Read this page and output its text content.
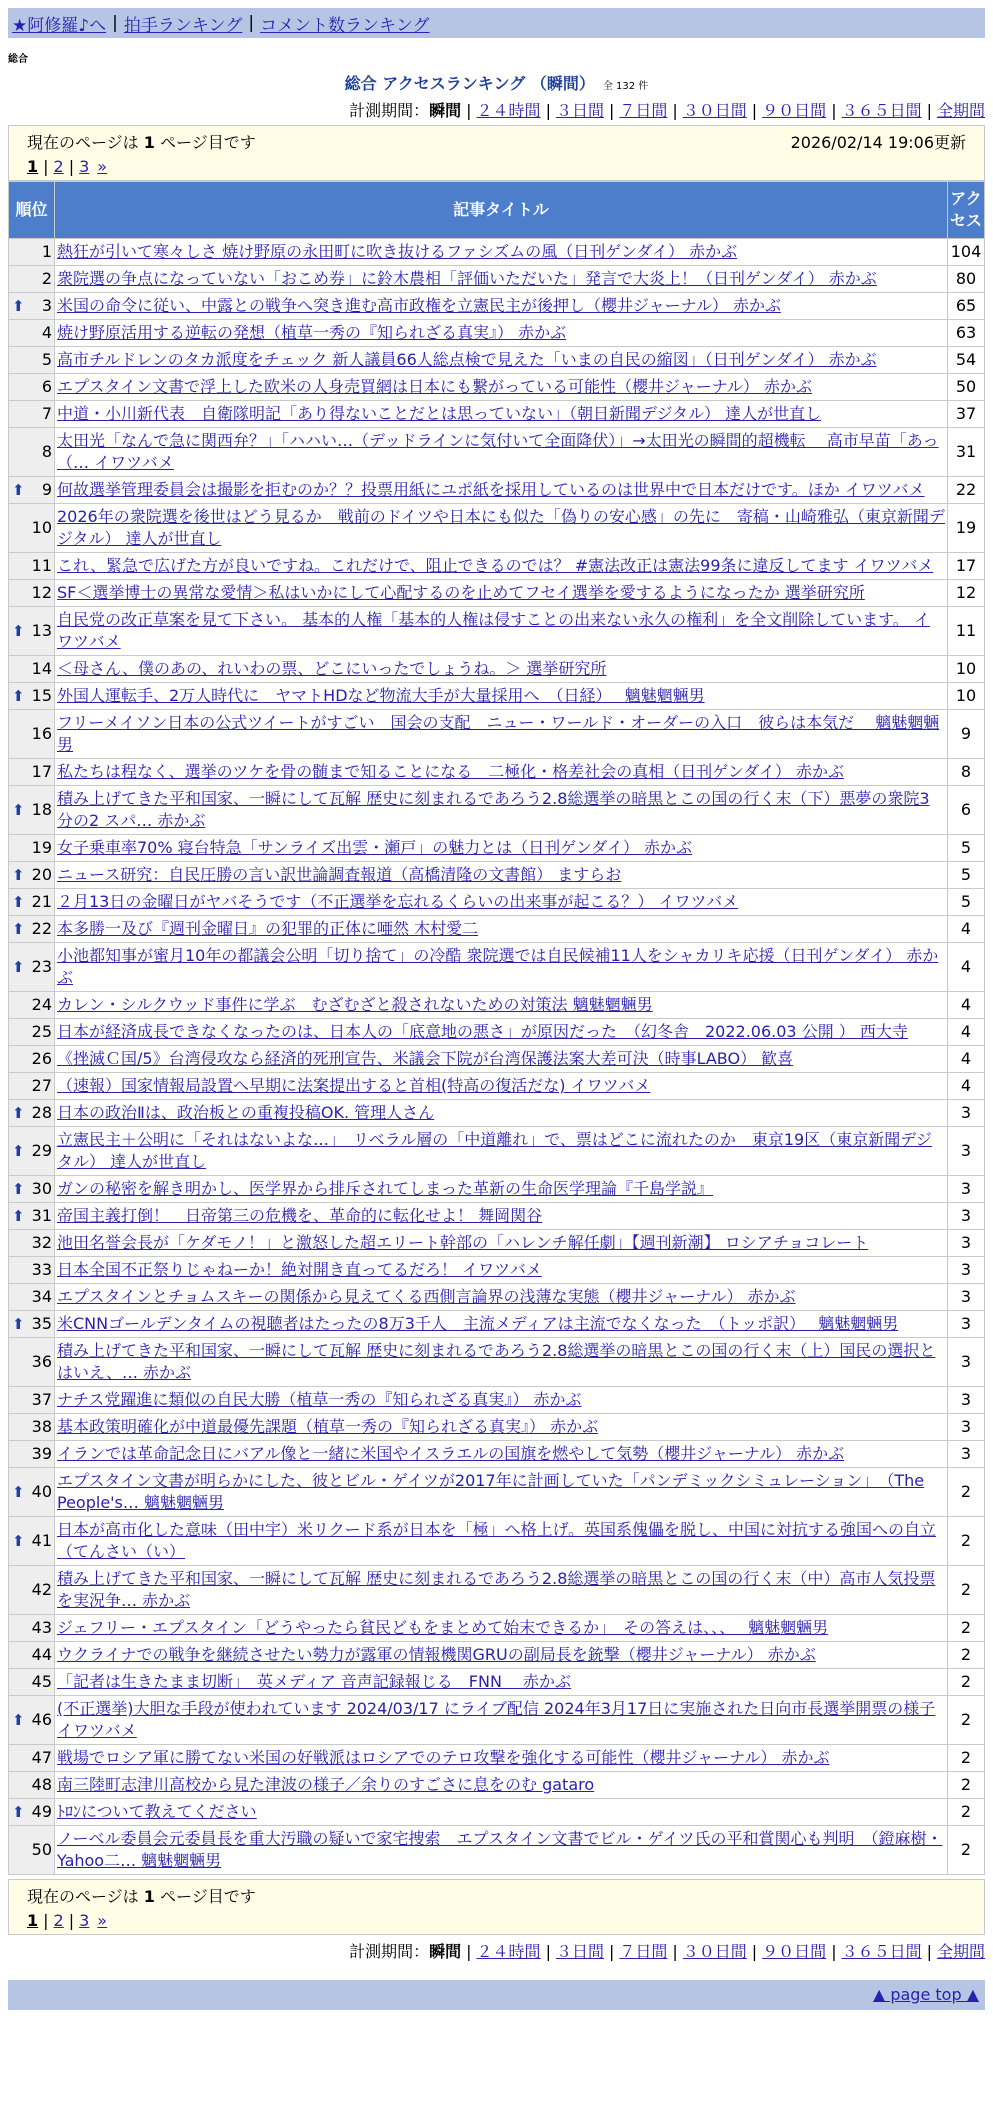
★阿修羅♪へ | 拍手ランキング | コメント数ランキング
総合
総合 アクセスランキング （瞬間） 全 132 件
計測期間：瞬間 | ２４時間 | ３日間 | ７日間 | ３０日間 | ９０日間 | ３６５日間 | 全期間
現在のページは 1 ページ目です	2026/02/14 19:06更新
1 | 2 | 3 »
順位	記事タイトル	アクセス
1	熱狂が引いて寒々しさ 焼け野原の永田町に吹き抜けるファシズムの風（日刊ゲンダイ） 赤かぶ	104
2	衆院選の争点になっていない「おこめ券」に鈴木農相「評価いただいた」発言で大炎上！（日刊ゲンダイ） 赤かぶ	80

⬆ 3	米国の命令に従い、中露との戦争へ突き進む高市政権を立憲民主が後押し（櫻井ジャーナル） 赤かぶ	65
4	焼け野原活用する逆転の発想（植草一秀の『知られざる真実』） 赤かぶ	63
5	高市チルドレンのタカ派度をチェック 新人議員66人総点検で見えた「いまの自民の縮図」（日刊ゲンダイ） 赤かぶ	54
6	エプスタイン文書で浮上した欧米の人身売買網は日本にも繋がっている可能性（櫻井ジャーナル） 赤かぶ	50
7	中道・小川新代表　自衛隊明記「あり得ないことだとは思っていない」（朝日新聞デジタル） 達人が世直し	37
8	太田光「なんで急に関西弁？」「ハハい…（デッドラインに気付いて全面降伏）」→太田光の瞬間的超機転　 高市早苗「あっ（… イワツバメ	31

⬆ 9	何故選挙管理委員会は撮影を拒むのか？？投票用紙にユポ紙を採用しているのは世界中で日本だけです。ほか イワツバメ	22
10	2026年の衆院選を後世はどう見るか　戦前のドイツや日本にも似た「偽りの安心感」の先に　寄稿・山崎雅弘（東京新聞デジタル） 達人が世直し	19
11	これ、緊急で広げた方が良いですね。これだけで、阻止できるのでは？ #憲法改正は憲法99条に違反してます イワツバメ	17
12	SF＜選挙博士の異常な愛情＞私はいかにして心配するのを止めてフセイ選挙を愛するようになったか 選挙研究所	12

⬆ 13	自民党の改正草案を見て下さい。 基本的人権「基本的人権は侵すことの出来ない永久の権利」を全文削除しています。 イワツバメ	11
14	＜母さん、僕のあの、れいわの票、どこにいったでしょうね。＞ 選挙研究所	10

⬆ 15	外国人運転手、2万人時代に　ヤマトHDなど物流大手が大量採用へ　（日経）　 魑魅魍魎男	10
16	フリーメイソン日本の公式ツイートがすごい　国会の支配　ニュー・ワールド・オーダーの入口　彼らは本気だ　 魑魅魍魎男	9
17	私たちは程なく、選挙のツケを骨の髄まで知ることになる　二極化・格差社会の真相（日刊ゲンダイ） 赤かぶ	8

⬆ 18	積み上げてきた平和国家、一瞬にして瓦解 歴史に刻まれるであろう2.8総選挙の暗黒とこの国の行く末（下）悪夢の衆院3分の2 スパ… 赤かぶ	6
19	女子乗車率70% 寝台特急「サンライズ出雲・瀬戸」の魅力とは（日刊ゲンダイ） 赤かぶ	5

⬆ 20	ニュース研究：自民圧勝の言い訳世論調査報道（高橋清隆の文書館） ますらお	5

⬆ 21	２月13日の金曜日がヤバそうです（不正選挙を忘れるくらいの出来事が起こる？） イワツバメ	5

⬆ 22	本多勝一及び『週刊金曜日』の犯罪的正体に唖然 木村愛二	4

⬆ 23	小池都知事が蜜月10年の都議会公明「切り捨て」の冷酷 衆院選では自民候補11人をシャカリキ応援（日刊ゲンダイ） 赤かぶ	4
24	カレン・シルクウッド事件に学ぶ　むざむざと殺されないための対策法 魑魅魍魎男	4
25	日本が経済成長できなくなったのは、日本人の「底意地の悪さ」が原因だった　（幻冬舎　2022.06.03 公開 ） 西大寺	4
26	《挫滅Ｃ国/5》台湾侵攻なら経済的死刑宣告、米議会下院が台湾保護法案大差可決（時事LABO） 歓喜	4
27	（速報）国家情報局設置へ早期に法案提出すると首相(特高の復活だな) イワツバメ	4

⬆ 28	日本の政治Ⅱは、政治板との重複投稿OK. 管理人さん	3

⬆ 29	立憲民主＋公明に「それはないよな…」　リベラル層の「中道離れ」で、票はどこに流れたのか　東京19区（東京新聞デジタル） 達人が世直し	3

⬆ 30	ガンの秘密を解き明かし、医学界から排斥されてしまった革新の生命医学理論『千島学説』	3

⬆ 31	帝国主義打倒！　日帝第三の危機を、革命的に転化せよ！ 舞岡関谷	3
32	池田名誉会長が「ケダモノ！」と激怒した超エリート幹部の「ハレンチ解任劇」【週刊新潮】 ロシアチョコレート	3
33	日本全国不正祭りじゃねーか！絶対開き直ってるだろ！ イワツバメ	3
34	エプスタインとチョムスキーの関係から見えてくる西側言論界の浅薄な実態（櫻井ジャーナル） 赤かぶ	3

⬆ 35	米CNNゴールデンタイムの視聴者はたったの8万3千人　主流メディアは主流でなくなった　（トッポ訳）　 魑魅魍魎男	3
36	積み上げてきた平和国家、一瞬にして瓦解 歴史に刻まれるであろう2.8総選挙の暗黒とこの国の行く末（上）国民の選択とはいえ、… 赤かぶ	3
37	ナチス党躍進に類似の自民大勝（植草一秀の『知られざる真実』） 赤かぶ	3
38	基本政策明確化が中道最優先課題（植草一秀の『知られざる真実』） 赤かぶ	3
39	イランでは革命記念日にバアル像と一緒に米国やイスラエルの国旗を燃やして気勢（櫻井ジャーナル） 赤かぶ	3

⬆ 40	エプスタイン文書が明らかにした、彼とビル・ゲイツが2017年に計画していた「パンデミックシミュレーション」　（The People's… 魑魅魍魎男	2

⬆ 41	日本が高市化した意味（田中宇）米リクード系が日本を「極」へ格上げ。英国系傀儡を脱し、中国に対抗する強国への自立（てんさい（い）	2
42	積み上げてきた平和国家、一瞬にして瓦解 歴史に刻まれるであろう2.8総選挙の暗黒とこの国の行く末（中）高市人気投票を実況争… 赤かぶ	2
43	ジェフリー・エプスタイン「どうやったら貧民どもをまとめて始末できるか」　その答えは、、、　 魑魅魍魎男	2
44	ウクライナでの戦争を継続させたい勢力が露軍の情報機関GRUの副局長を銃撃（櫻井ジャーナル） 赤かぶ	2
45	「記者は生きたまま切断」　英メディア 音声記録報じる　FNN　 赤かぶ	2

⬆ 46	(不正選挙)大胆な手段が使われています 2024/03/17 にライブ配信 2024年3月17日に実施された日向市長選挙開票の様子 イワツバメ	2
47	戦場でロシア軍に勝てない米国の好戦派はロシアでのテロ攻撃を強化する可能性（櫻井ジャーナル） 赤かぶ	2
48	南三陸町志津川高校から見た津波の様子／余りのすごさに息をのむ gataro	2

⬆ 49	ﾄﾛﾝについて教えてください	2
50	ノーベル委員会元委員長を重大汚職の疑いで家宅捜索　エプスタイン文書でビル・ゲイツ氏の平和賞関心も判明　（鐙麻樹・Yahoo二… 魑魅魍魎男	2
現在のページは 1 ページ目です
1 | 2 | 3 »
計測期間：瞬間 | ２４時間 | ３日間 | ７日間 | ３０日間 | ９０日間 | ３６５日間 | 全期間
▲ page top ▲
